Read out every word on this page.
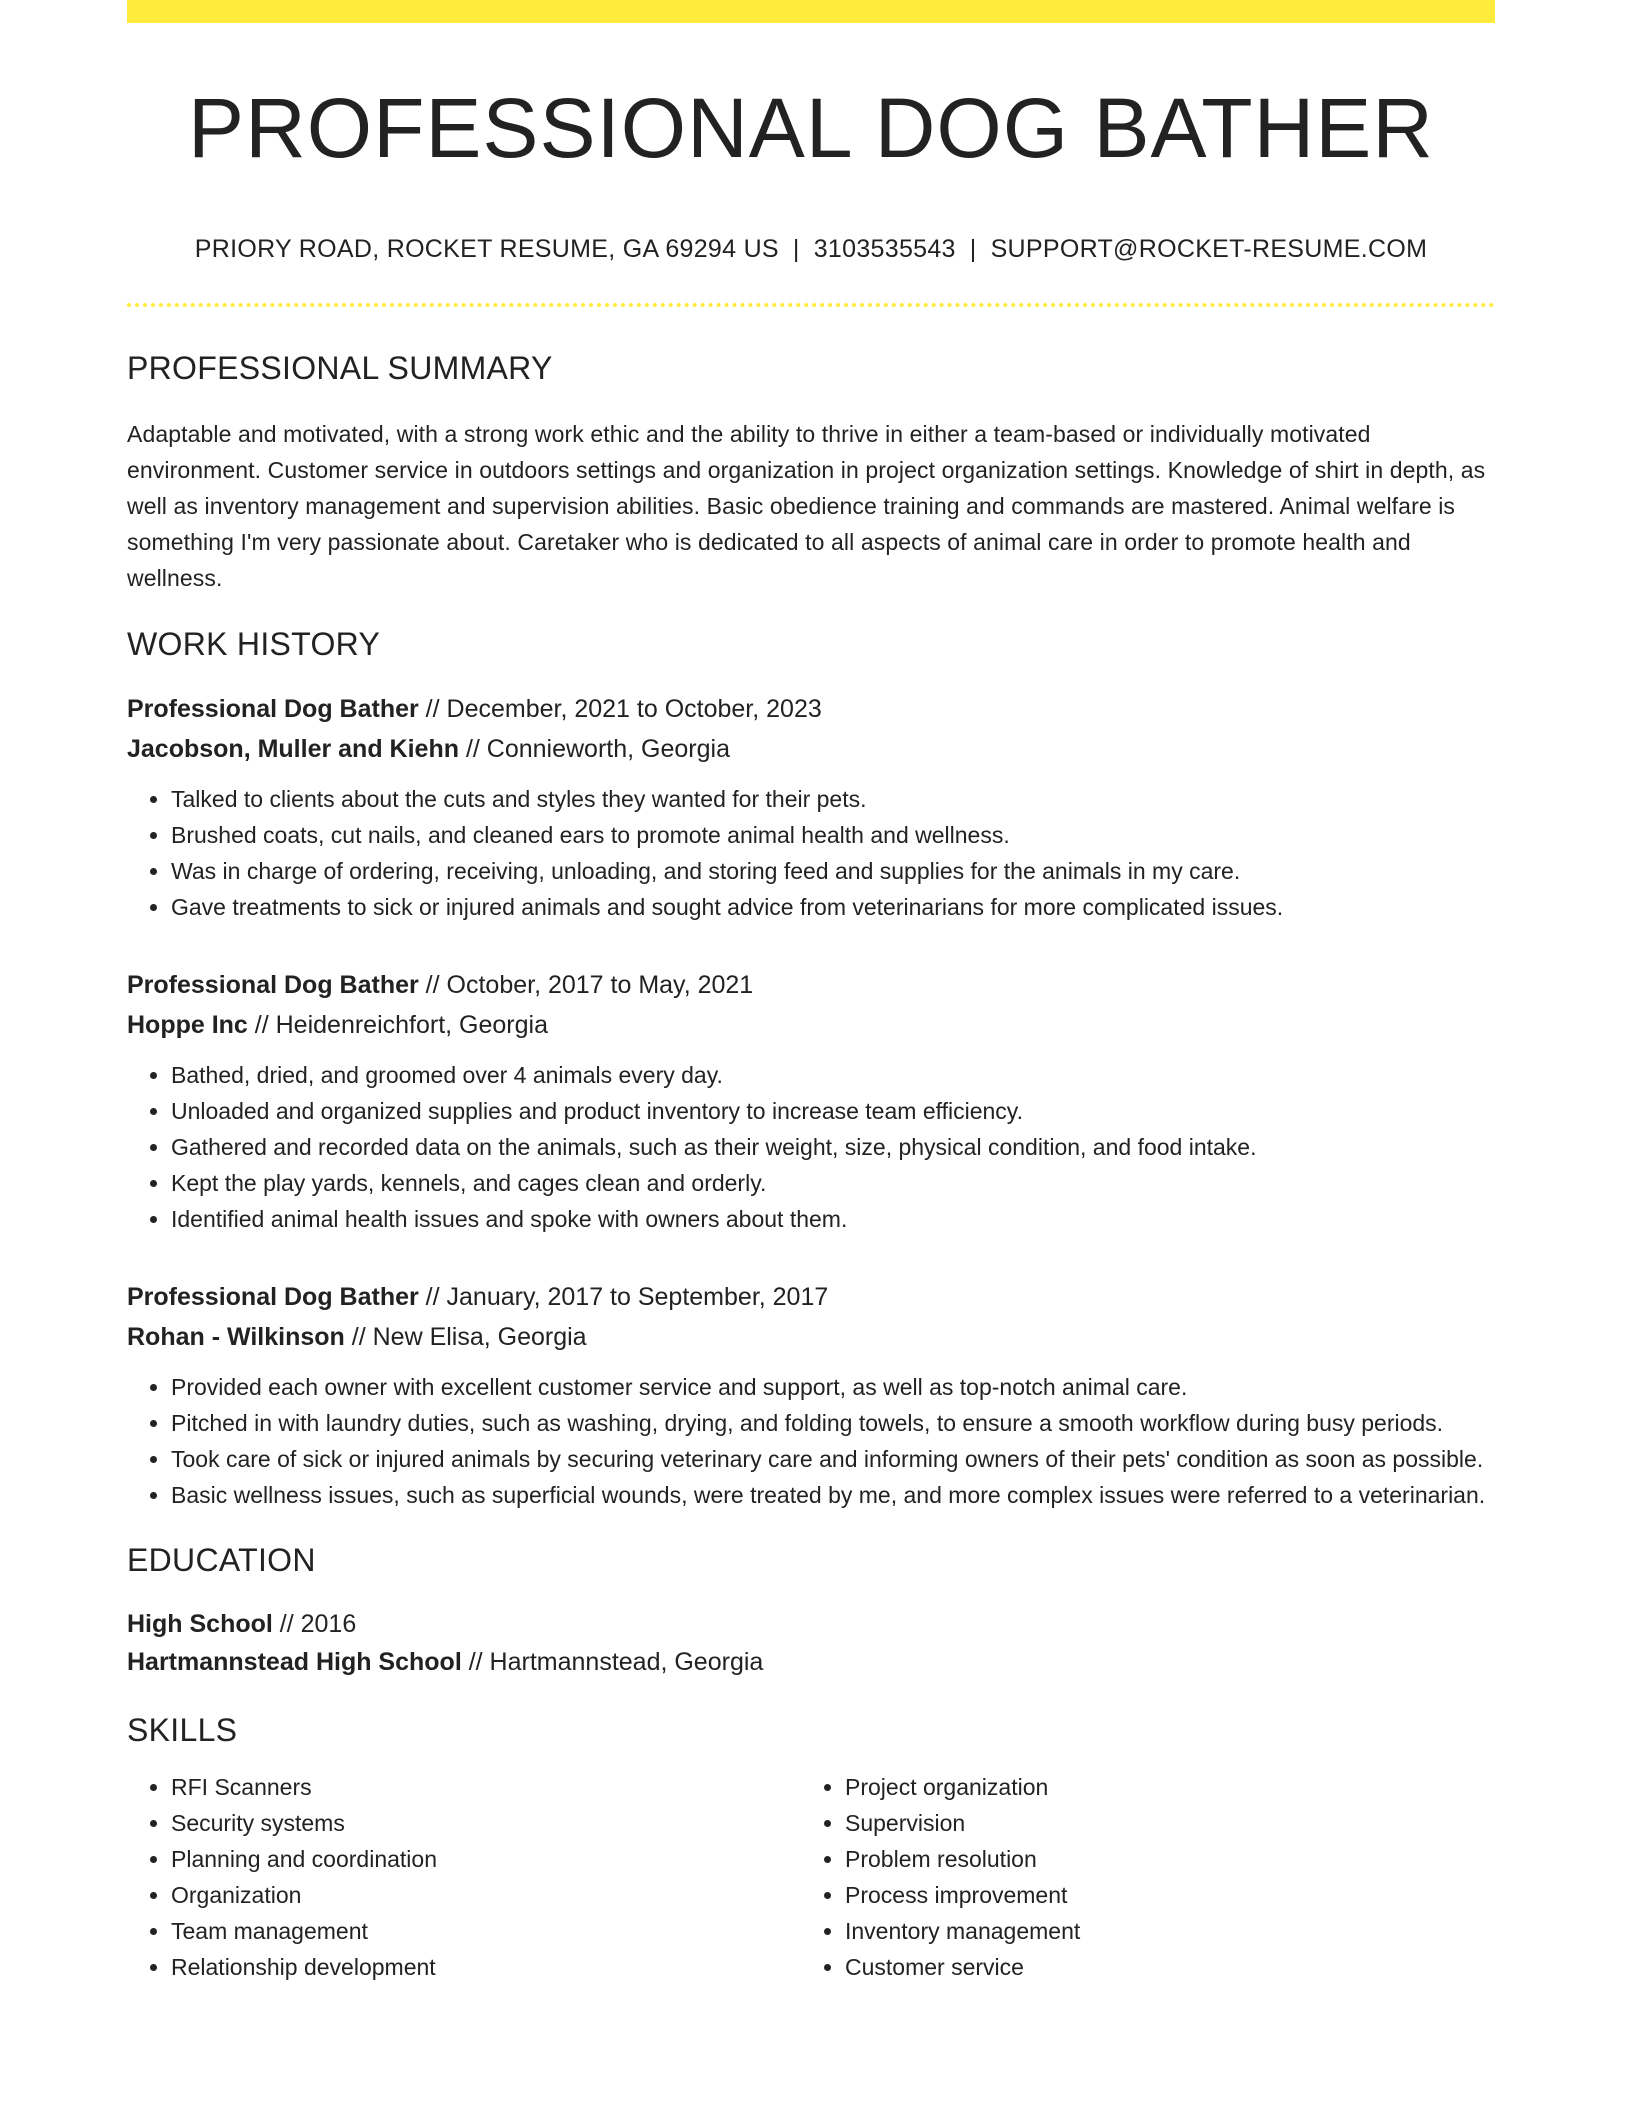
PROFESSIONAL DOG BATHER
PRIORY ROAD, ROCKET RESUME, GA 69294 US | 3103535543 | SUPPORT@ROCKET-RESUME.COM
PROFESSIONAL SUMMARY

Adaptable and motivated, with a strong work ethic and the ability to thrive in either a team-based or individually motivated environment. Customer service in outdoors settings and organization in project organization settings. Knowledge of shirt in depth, as well as inventory management and supervision abilities. Basic obedience training and commands are mastered. Animal welfare is something I'm very passionate about. Caretaker who is dedicated to all aspects of animal care in order to promote health and wellness.

WORK HISTORY
Professional Dog Bather // December, 2021 to October, 2023
Jacobson, Muller and Kiehn // Connieworth, Georgia
• Talked to clients about the cuts and styles they wanted for their pets.
• Brushed coats, cut nails, and cleaned ears to promote animal health and wellness.
• Was in charge of ordering, receiving, unloading, and storing feed and supplies for the animals in my care.
• Gave treatments to sick or injured animals and sought advice from veterinarians for more complicated issues.
Professional Dog Bather // October, 2017 to May, 2021
Hoppe Inc // Heidenreichfort, Georgia
• Bathed, dried, and groomed over 4 animals every day.
• Unloaded and organized supplies and product inventory to increase team efficiency.
• Gathered and recorded data on the animals, such as their weight, size, physical condition, and food intake.
• Kept the play yards, kennels, and cages clean and orderly.
• Identified animal health issues and spoke with owners about them.
Professional Dog Bather // January, 2017 to September, 2017
Rohan - Wilkinson // New Elisa, Georgia
• Provided each owner with excellent customer service and support, as well as top-notch animal care.
• Pitched in with laundry duties, such as washing, drying, and folding towels, to ensure a smooth workflow during busy periods.
• Took care of sick or injured animals by securing veterinary care and informing owners of their pets' condition as soon as possible.
• Basic wellness issues, such as superficial wounds, were treated by me, and more complex issues were referred to a veterinarian.
EDUCATION
High School // 2016
Hartmannstead High School // Hartmannstead, Georgia
SKILLS
• RFI Scanners
• Security systems
• Planning and coordination
• Organization
• Team management
• Relationship development
• Project organization
• Supervision
• Problem resolution
• Process improvement
• Inventory management
• Customer service
